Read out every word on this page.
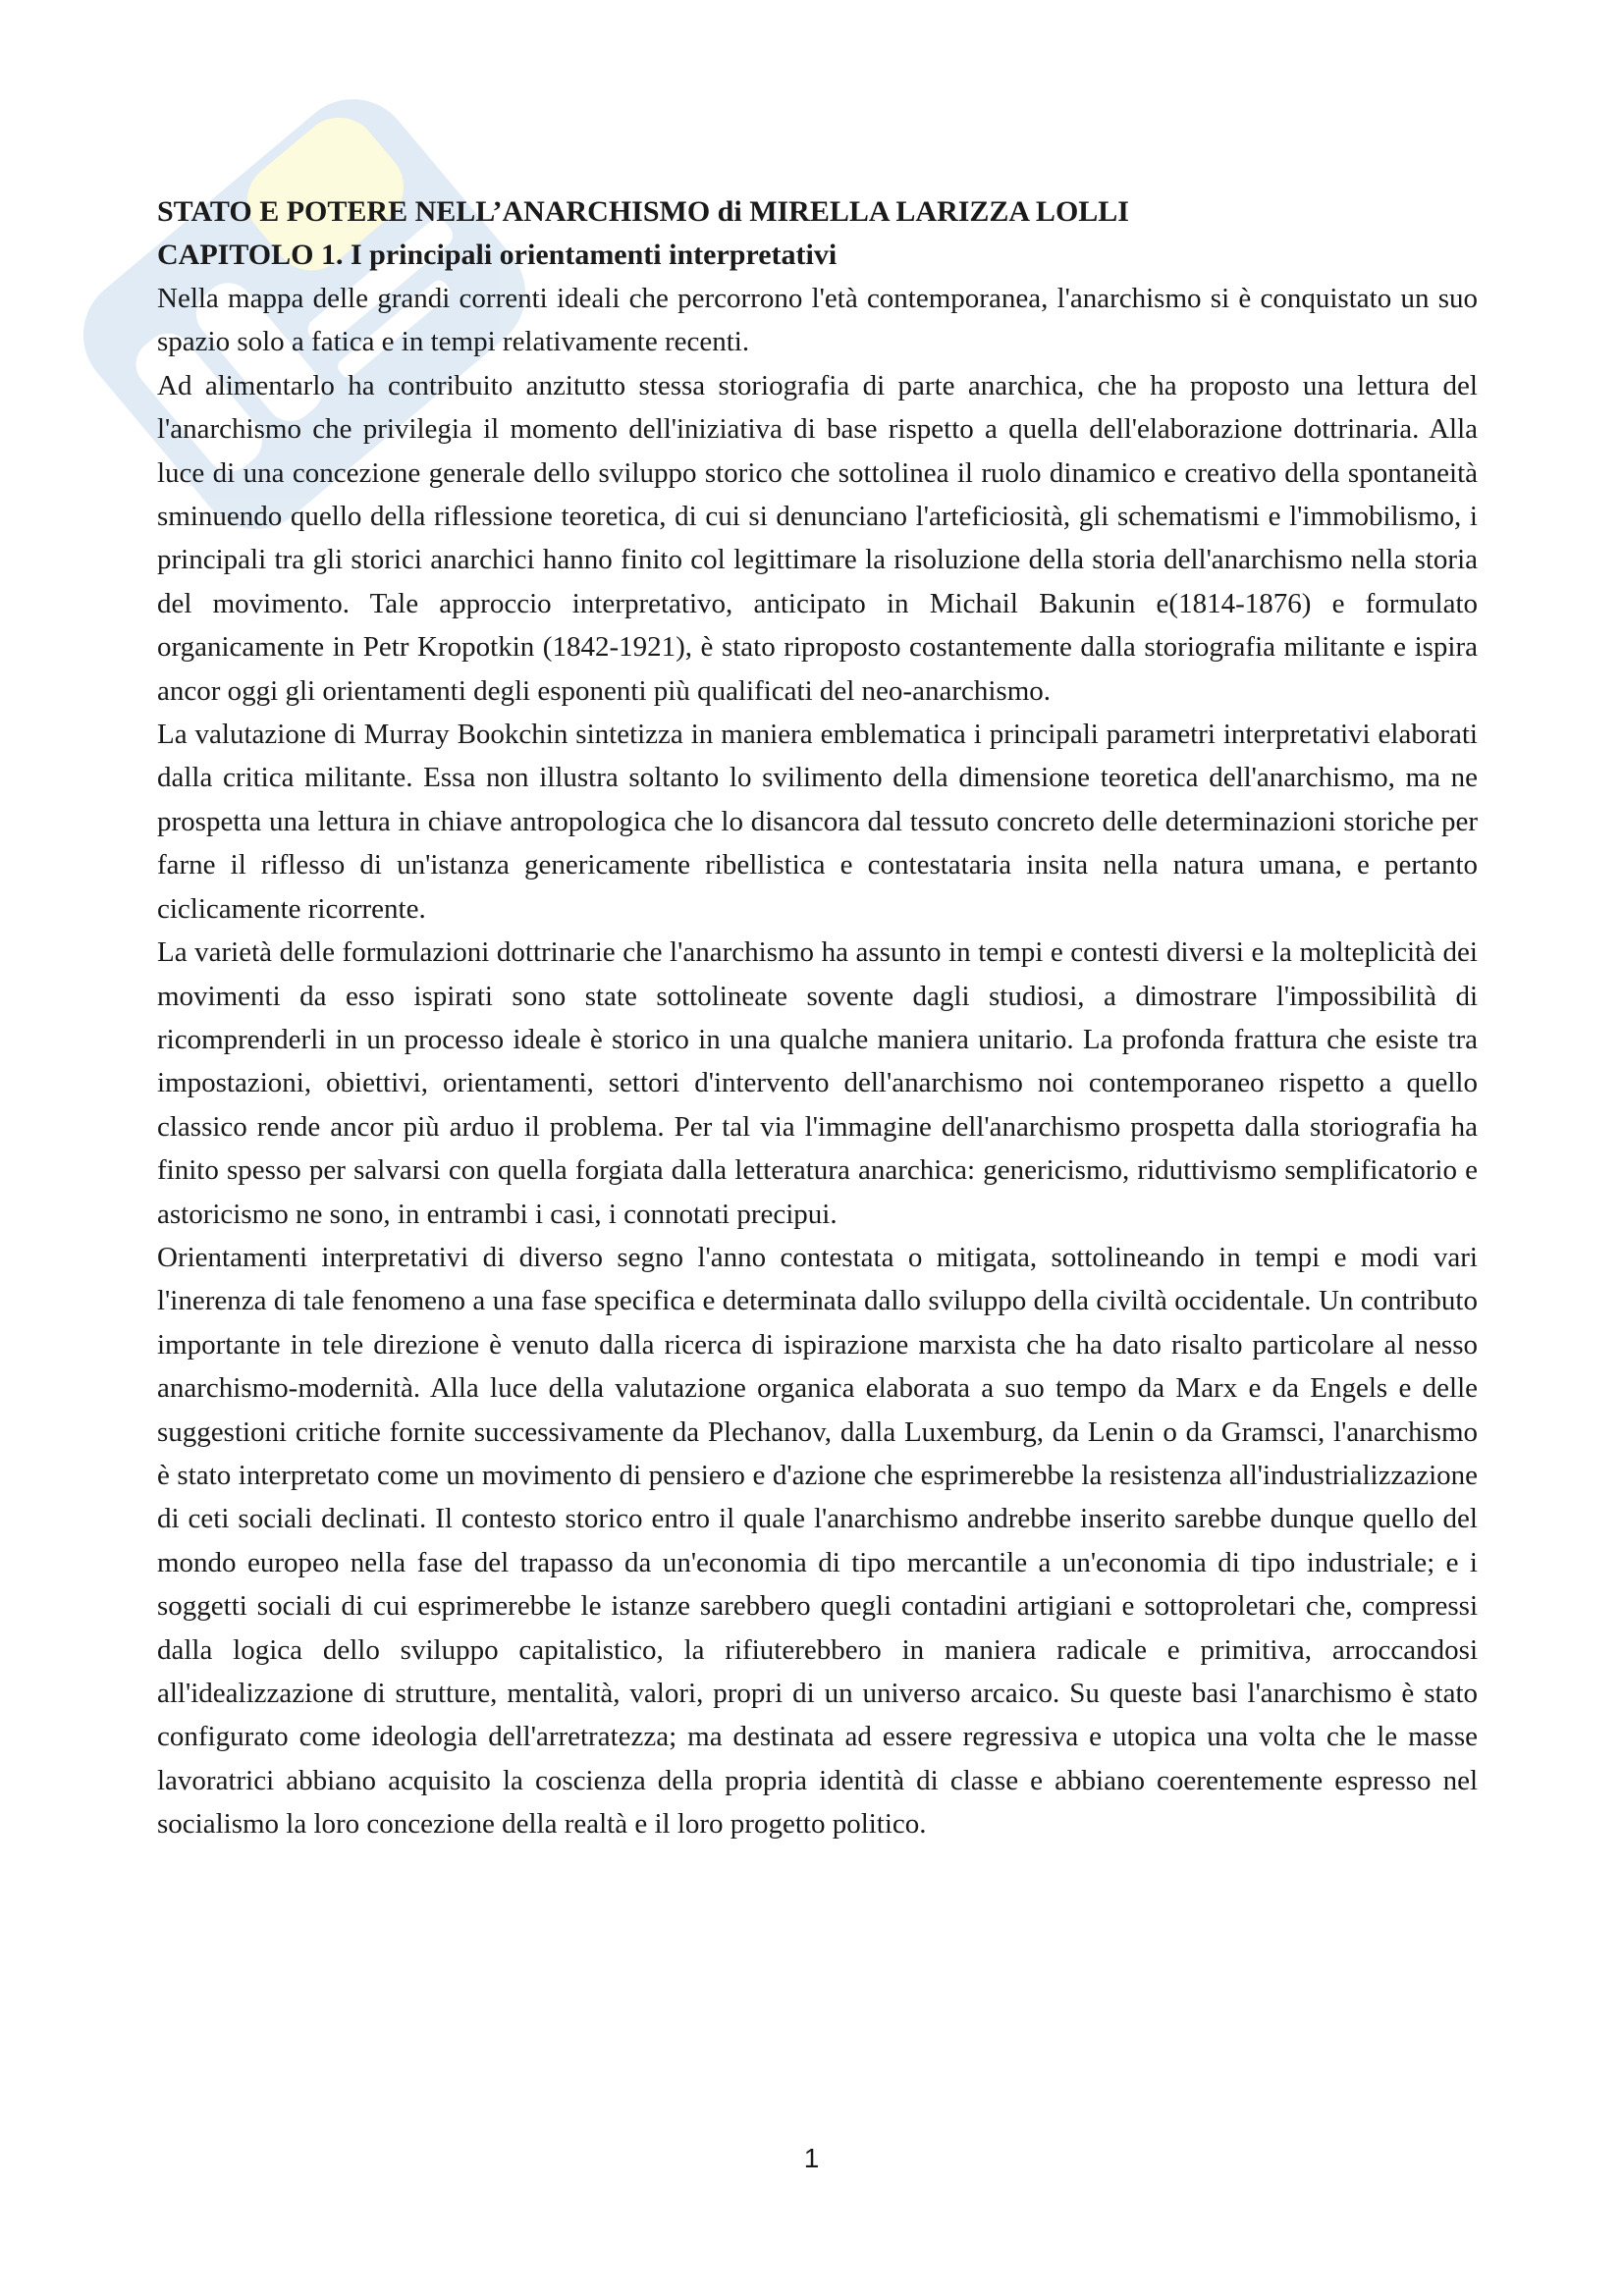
STATO E POTERE NELL’ANARCHISMO di MIRELLA LARIZZA LOLLI
CAPITOLO 1. I principali orientamenti interpretativi

Nella mappa delle grandi correnti ideali che percorrono l'età contemporanea, l'anarchismo si è conquistato un suo spazio solo a fatica e in tempi relativamente recenti.

Ad alimentarlo ha contribuito anzitutto stessa storiografia di parte anarchica, che ha proposto una lettura del l'anarchismo che privilegia il momento dell'iniziativa di base rispetto a quella dell'elaborazione dottrinaria. Alla luce di una concezione generale dello sviluppo storico che sottolinea il ruolo dinamico e creativo della spontaneità sminuendo quello della riflessione teoretica, di cui si denunciano l'arteficiosità, gli schematismi e l'immobilismo, i principali tra gli storici anarchici hanno finito col legittimare la risoluzione della storia dell'anarchismo nella storia del movimento. Tale approccio interpretativo, anticipato in Michail Bakunin e(1814-1876) e formulato organicamente in Petr Kropotkin (1842-1921), è stato riproposto costantemente dalla storiografia militante e ispira ancor oggi gli orientamenti degli esponenti più qualificati del neo-anarchismo.

La valutazione di Murray Bookchin sintetizza in maniera emblematica i principali parametri interpretativi elaborati dalla critica militante. Essa non illustra soltanto lo svilimento della dimensione teoretica dell'anarchismo, ma ne prospetta una lettura in chiave antropologica che lo disancora dal tessuto concreto delle determinazioni storiche per farne il riflesso di un'istanza genericamente ribellistica e contestataria insita nella natura umana, e pertanto ciclicamente ricorrente.

La varietà delle formulazioni dottrinarie che l'anarchismo ha assunto in tempi e contesti diversi e la molteplicità dei movimenti da esso ispirati sono state sottolineate sovente dagli studiosi, a dimostrare l'impossibilità di ricomprenderli in un processo ideale è storico in una qualche maniera unitario. La profonda frattura che esiste tra impostazioni, obiettivi, orientamenti, settori d'intervento dell'anarchismo noi contemporaneo rispetto a quello classico rende ancor più arduo il problema. Per tal via l'immagine dell'anarchismo prospetta dalla storiografia ha finito spesso per salvarsi con quella forgiata dalla letteratura anarchica: genericismo, riduttivismo semplificatorio e astoricismo ne sono, in entrambi i casi, i connotati precipui.

Orientamenti interpretativi di diverso segno l'anno contestata o mitigata, sottolineando in tempi e modi vari l'inerenza di tale fenomeno a una fase specifica e determinata dallo sviluppo della civiltà occidentale. Un contributo importante in tele direzione è venuto dalla ricerca di ispirazione marxista che ha dato risalto particolare al nesso anarchismo-modernità. Alla luce della valutazione organica elaborata a suo tempo da Marx e da Engels e delle suggestioni critiche fornite successivamente da Plechanov, dalla Luxemburg, da Lenin o da Gramsci, l'anarchismo è stato interpretato come un movimento di pensiero e d'azione che esprimerebbe la resistenza all'industrializzazione di ceti sociali declinati. Il contesto storico entro il quale l'anarchismo andrebbe inserito sarebbe dunque quello del mondo europeo nella fase del trapasso da un'economia di tipo mercantile a un'economia di tipo industriale; e i soggetti sociali di cui esprimerebbe le istanze sarebbero quegli contadini artigiani e sottoproletari che, compressi dalla logica dello sviluppo capitalistico, la rifiuterebbero in maniera radicale e primitiva, arroccandosi all'idealizzazione di strutture, mentalità, valori, propri di un universo arcaico. Su queste basi l'anarchismo è stato configurato come ideologia dell'arretratezza; ma destinata ad essere regressiva e utopica una volta che le masse lavoratrici abbiano acquisito la coscienza della propria identità di classe e abbiano coerentemente espresso nel socialismo la loro concezione della realtà e il loro progetto politico.

1
